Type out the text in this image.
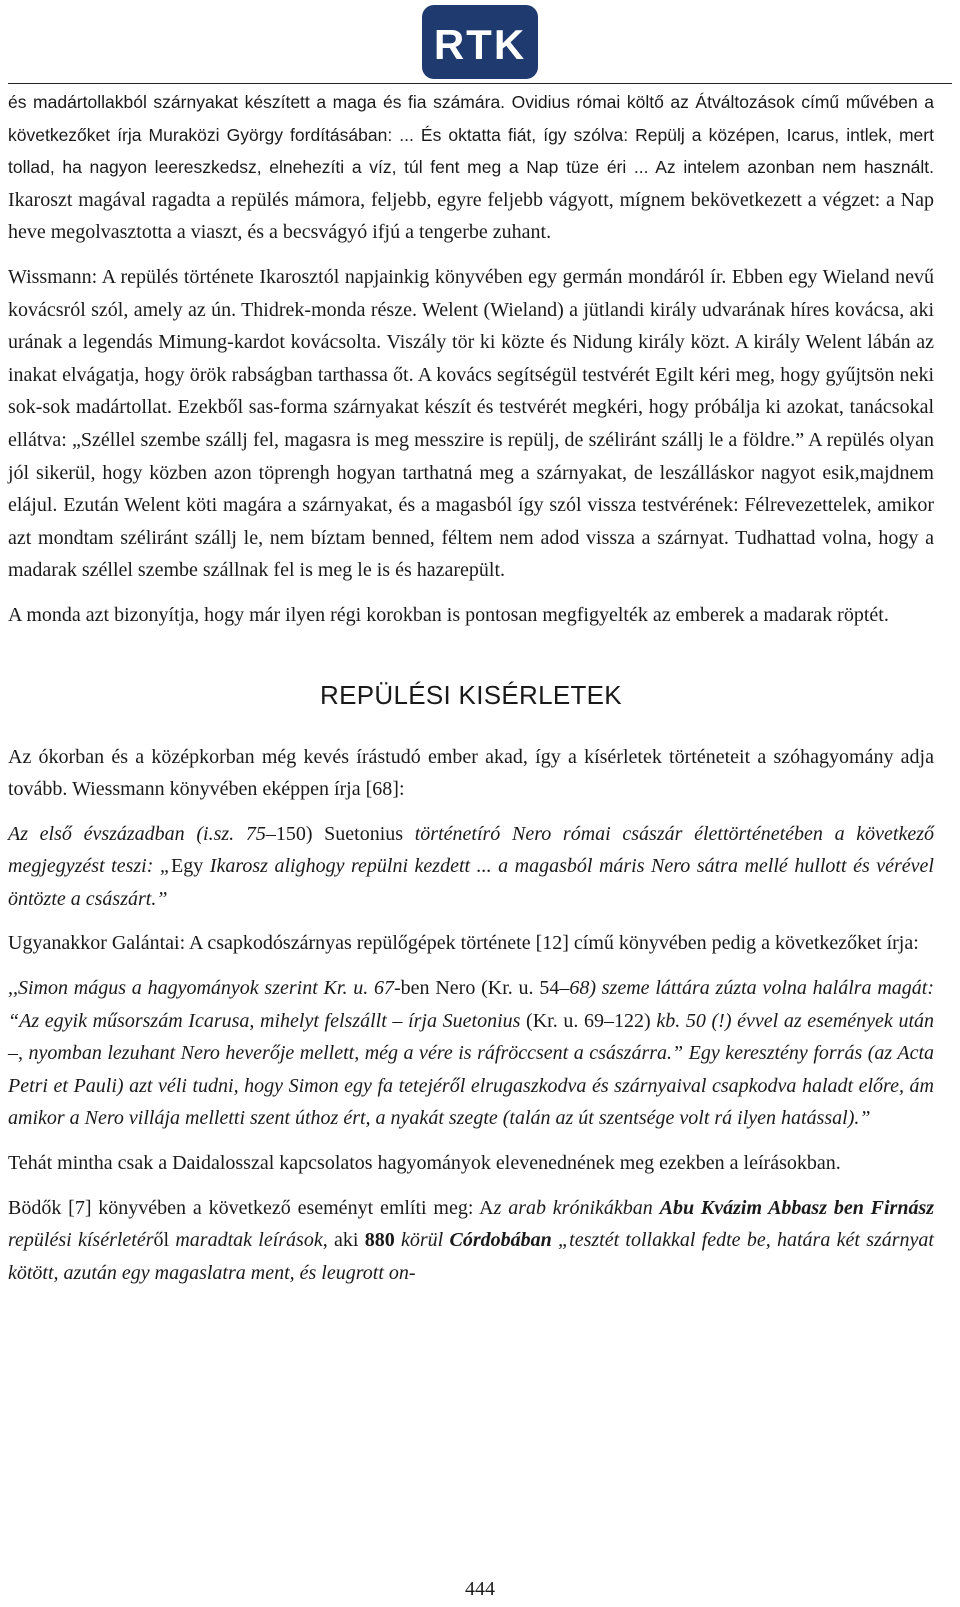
RTK

és madártollakból szárnyakat készített a maga és fia számára. Ovidius római költő az Átváltozások című művében a következőket írja Muraközi György fordításában: ... És oktatta fiát, így szólva: Repülj a középen, Icarus, intlek, mert tollad, ha nagyon leereszkedsz, elnehezíti a víz, túl fent meg a Nap tüze éri ... Az intelem azonban nem használt. Ikaroszt magával ragadta a repülés mámora, feljebb, egyre feljebb vágyott, mígnem bekövetkezett a végzet: a Nap heve megolvasztotta a viaszt, és a becsvágyó ifjú a tengerbe zuhant.

Wissmann: A repülés története Ikarosztól napjainkig könyvében egy germán mondáról ír. Ebben egy Wieland nevű kovácsról szól, amely az ún. Thidrek-monda része. Welent (Wieland) a jütlandi király udvarának híres kovácsa, aki urának a legendás Mimung-kardot kovácsolta. Viszály tör ki közte és Nidung király közt. A király Welent lábán az inakat elvágatja, hogy örök rabságban tarthassa őt. A kovács segítségül testvérét Egilt kéri meg, hogy gyűjtsön neki sok-sok madártollat. Ezekből sas-forma szárnyakat készít és testvérét megkéri, hogy próbálja ki azokat, tanácsokal ellátva: „Széllel szembe szállj fel, magasra is meg messzire is repülj, de széliránt szállj le a földre.” A repülés olyan jól sikerül, hogy közben azon töprengh hogyan tarthatná meg a szárnyakat, de leszálláskor nagyot esik,majdnem elájul. Ezután Welent köti magára a szárnyakat, és a magasból így szól vissza testvérének: Félrevezettelek, amikor azt mondtam széliránt szállj le, nem bíztam benned, féltem nem adod vissza a szárnyat. Tudhattad volna, hogy a madarak széllel szembe szállnak fel is meg le is és hazarepült.

A monda azt bizonyítja, hogy már ilyen régi korokban is pontosan megfigyelték az emberek a madarak röptét.

REPÜLÉSI KISÉRLETEK

Az ókorban és a középkorban még kevés írástudó ember akad, így a kísérletek történeteit a szóhagyomány adja tovább. Wiessmann könyvében eképpen írja [68]:

Az első évszázadban (i.sz. 75–150) Suetonius történetíró Nero római császár élettörténetében a következő megjegyzést teszi: „Egy Ikarosz alighogy repülni kezdett ... a magasból máris Nero sátra mellé hullott és vérével öntözte a császárt.”

Ugyanakkor Galántai: A csapkodószárnyas repülőgépek története [12] című könyvében pedig a következőket írja:

,,Simon mágus a hagyományok szerint Kr. u. 67-ben Nero (Kr. u. 54–68) szeme láttára zúzta volna halálra magát: “Az egyik műsorszám Icarusa, mihelyt felszállt – írja Suetonius (Kr. u. 69–122) kb. 50 (!) évvel az események után –, nyomban lezuhant Nero heverője mellett, még a vére is ráfröccsent a császárra.” Egy keresztény forrás (az Acta Petri et Pauli) azt véli tudni, hogy Simon egy fa tetejéről elrugaszkodva és szárnyaival csapkodva haladt előre, ám amikor a Nero villája melletti szent úthoz ért, a nyakát szegte (talán az út szentsége volt rá ilyen hatással).”

Tehát mintha csak a Daidalosszal kapcsolatos hagyományok elevenednének meg ezekben a leírásokban.

Bödők [7] könyvében a következő eseményt említi meg: Az arab krónikákban Abu Kvázim Abbasz ben Firnász repülési kísérletéről maradtak leírások, aki 880 körül Córdobában „tesztét tollakkal fedte be, határa két szárnyat kötött, azután egy magaslatra ment, és leugrott on-

444
